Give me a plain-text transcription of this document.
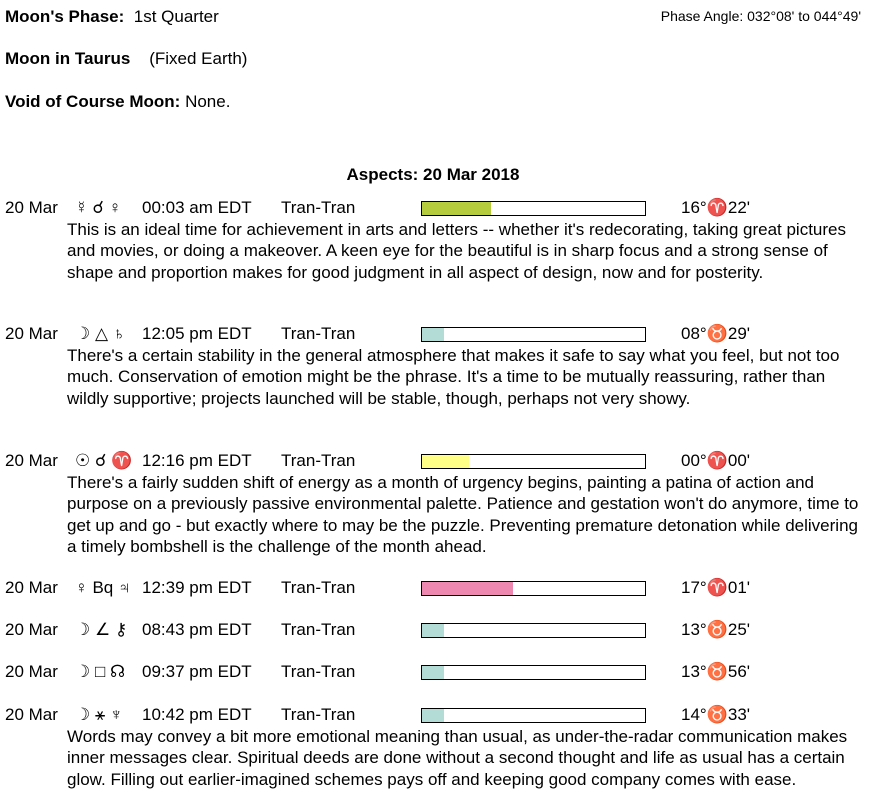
Moon's Phase: 1st Quarter	Phase Angle: 032°08' to 044°49'
Moon in Taurus (Fixed Earth)
Void of Course Moon: None.
Aspects: 20 Mar 2018
20 Mar ☿ ☌ ♀ 00:03 am EDT Tran-Tran	16°♈22'
This is an ideal time for achievement in arts and letters -- whether it's redecorating, taking great pictures and movies, or doing a makeover. A keen eye for the beautiful is in sharp focus and a strong sense of shape and proportion makes for good judgment in all aspect of design, now and for posterity.
20 Mar ☽ △ ♄ 12:05 pm EDT Tran-Tran	08°♉29'
There's a certain stability in the general atmosphere that makes it safe to say what you feel, but not too much. Conservation of emotion might be the phrase. It's a time to be mutually reassuring, rather than wildly supportive; projects launched will be stable, though, perhaps not very showy.
20 Mar ☉ ☌ ♈ 12:16 pm EDT Tran-Tran	00°♈00'
There's a fairly sudden shift of energy as a month of urgency begins, painting a patina of action and purpose on a previously passive environmental palette. Patience and gestation won't do anymore, time to get up and go - but exactly where to may be the puzzle. Preventing premature detonation while delivering a timely bombshell is the challenge of the month ahead.
20 Mar ♀ Bq ♃ 12:39 pm EDT Tran-Tran	17°♈01'
20 Mar ☽ ∠ ⚷ 08:43 pm EDT Tran-Tran	13°♉25'
20 Mar ☽ □ ☊ 09:37 pm EDT Tran-Tran	13°♉56'
20 Mar ☽ ⚹ ♆ 10:42 pm EDT Tran-Tran	14°♉33'
Words may convey a bit more emotional meaning than usual, as under-the-radar communication makes inner messages clear. Spiritual deeds are done without a second thought and life as usual has a certain glow. Filling out earlier-imagined schemes pays off and keeping good company comes with ease.
